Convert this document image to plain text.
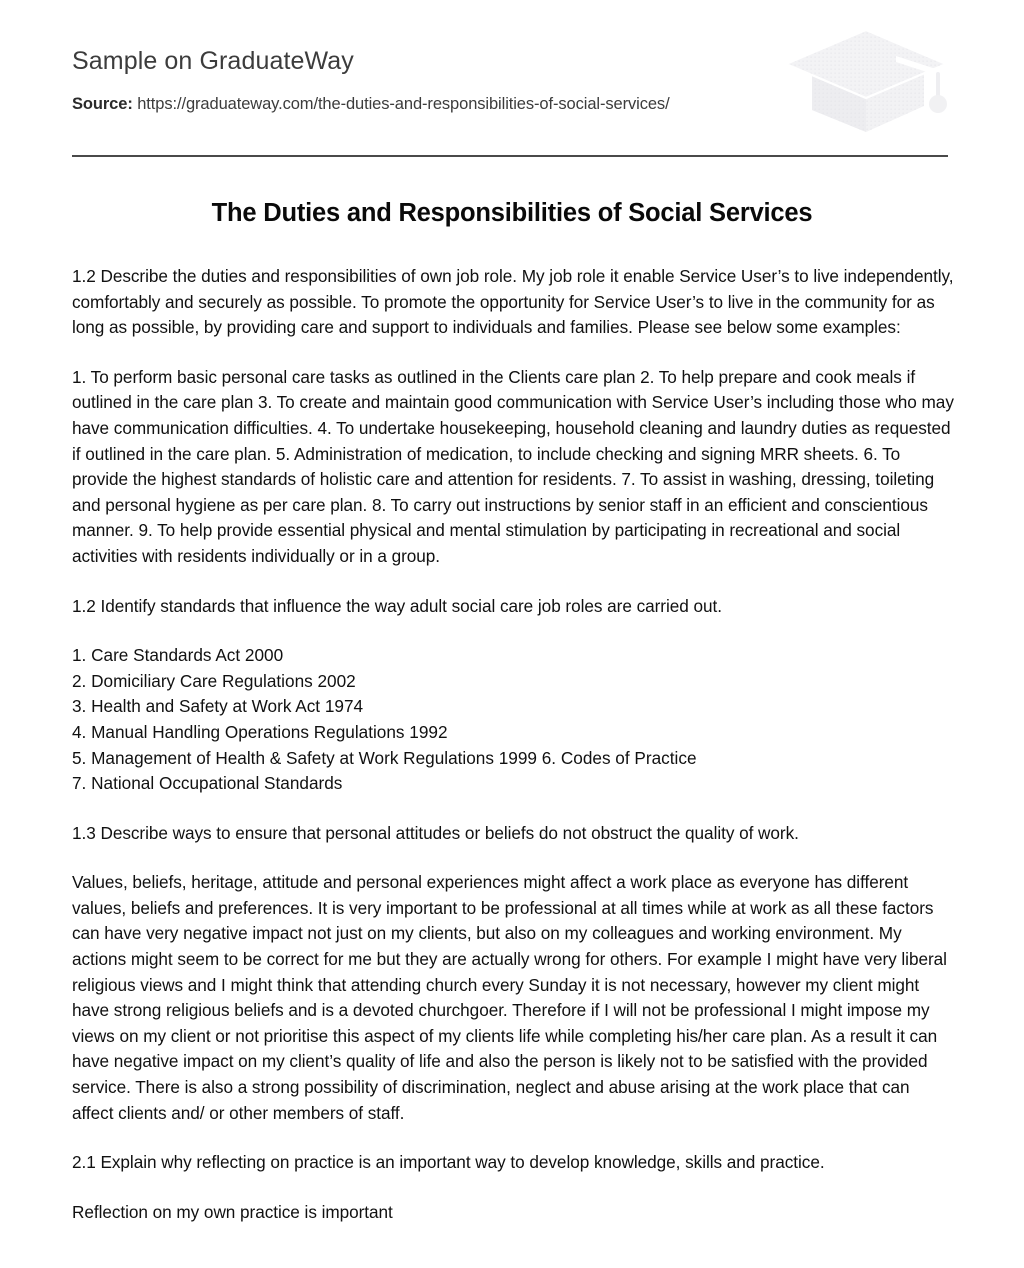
Sample on GraduateWay

Source: https://graduateway.com/the-duties-and-responsibilities-of-social-services/

The Duties and Responsibilities of Social Services

1.2 Describe the duties and responsibilities of own job role. My job role it enable Service User’s to live independently, comfortably and securely as possible. To promote the opportunity for Service User’s to live in the community for as long as possible, by providing care and support to individuals and families. Please see below some examples:

1. To perform basic personal care tasks as outlined in the Clients care plan 2. To help prepare and cook meals if outlined in the care plan 3. To create and maintain good communication with Service User’s including those who may have communication difficulties. 4. To undertake housekeeping, household cleaning and laundry duties as requested if outlined in the care plan. 5. Administration of medication, to include checking and signing MRR sheets. 6. To provide the highest standards of holistic care and attention for residents. 7. To assist in washing, dressing, toileting and personal hygiene as per care plan. 8. To carry out instructions by senior staff in an efficient and conscientious manner. 9. To help provide essential physical and mental stimulation by participating in recreational and social activities with residents individually or in a group.

1.2 Identify standards that influence the way adult social care job roles are carried out.

1. Care Standards Act 2000

2. Domiciliary Care Regulations 2002

3. Health and Safety at Work Act 1974

4. Manual Handling Operations Regulations 1992

5. Management of Health & Safety at Work Regulations 1999 6. Codes of Practice

7. National Occupational Standards

1.3 Describe ways to ensure that personal attitudes or beliefs do not obstruct the quality of work.

Values, beliefs, heritage, attitude and personal experiences might affect a work place as everyone has different values, beliefs and preferences. It is very important to be professional at all times while at work as all these factors can have very negative impact not just on my clients, but also on my colleagues and working environment. My actions might seem to be correct for me but they are actually wrong for others. For example I might have very liberal religious views and I might think that attending church every Sunday it is not necessary, however my client might have strong religious beliefs and is a devoted churchgoer. Therefore if I will not be professional I might impose my views on my client or not prioritise this aspect of my clients life while completing his/her care plan. As a result it can have negative impact on my client’s quality of life and also the person is likely not to be satisfied with the provided service. There is also a strong possibility of discrimination, neglect and abuse arising at the work place that can affect clients and/ or other members of staff.

2.1 Explain why reflecting on practice is an important way to develop knowledge, skills and practice.

Reflection on my own practice is important
